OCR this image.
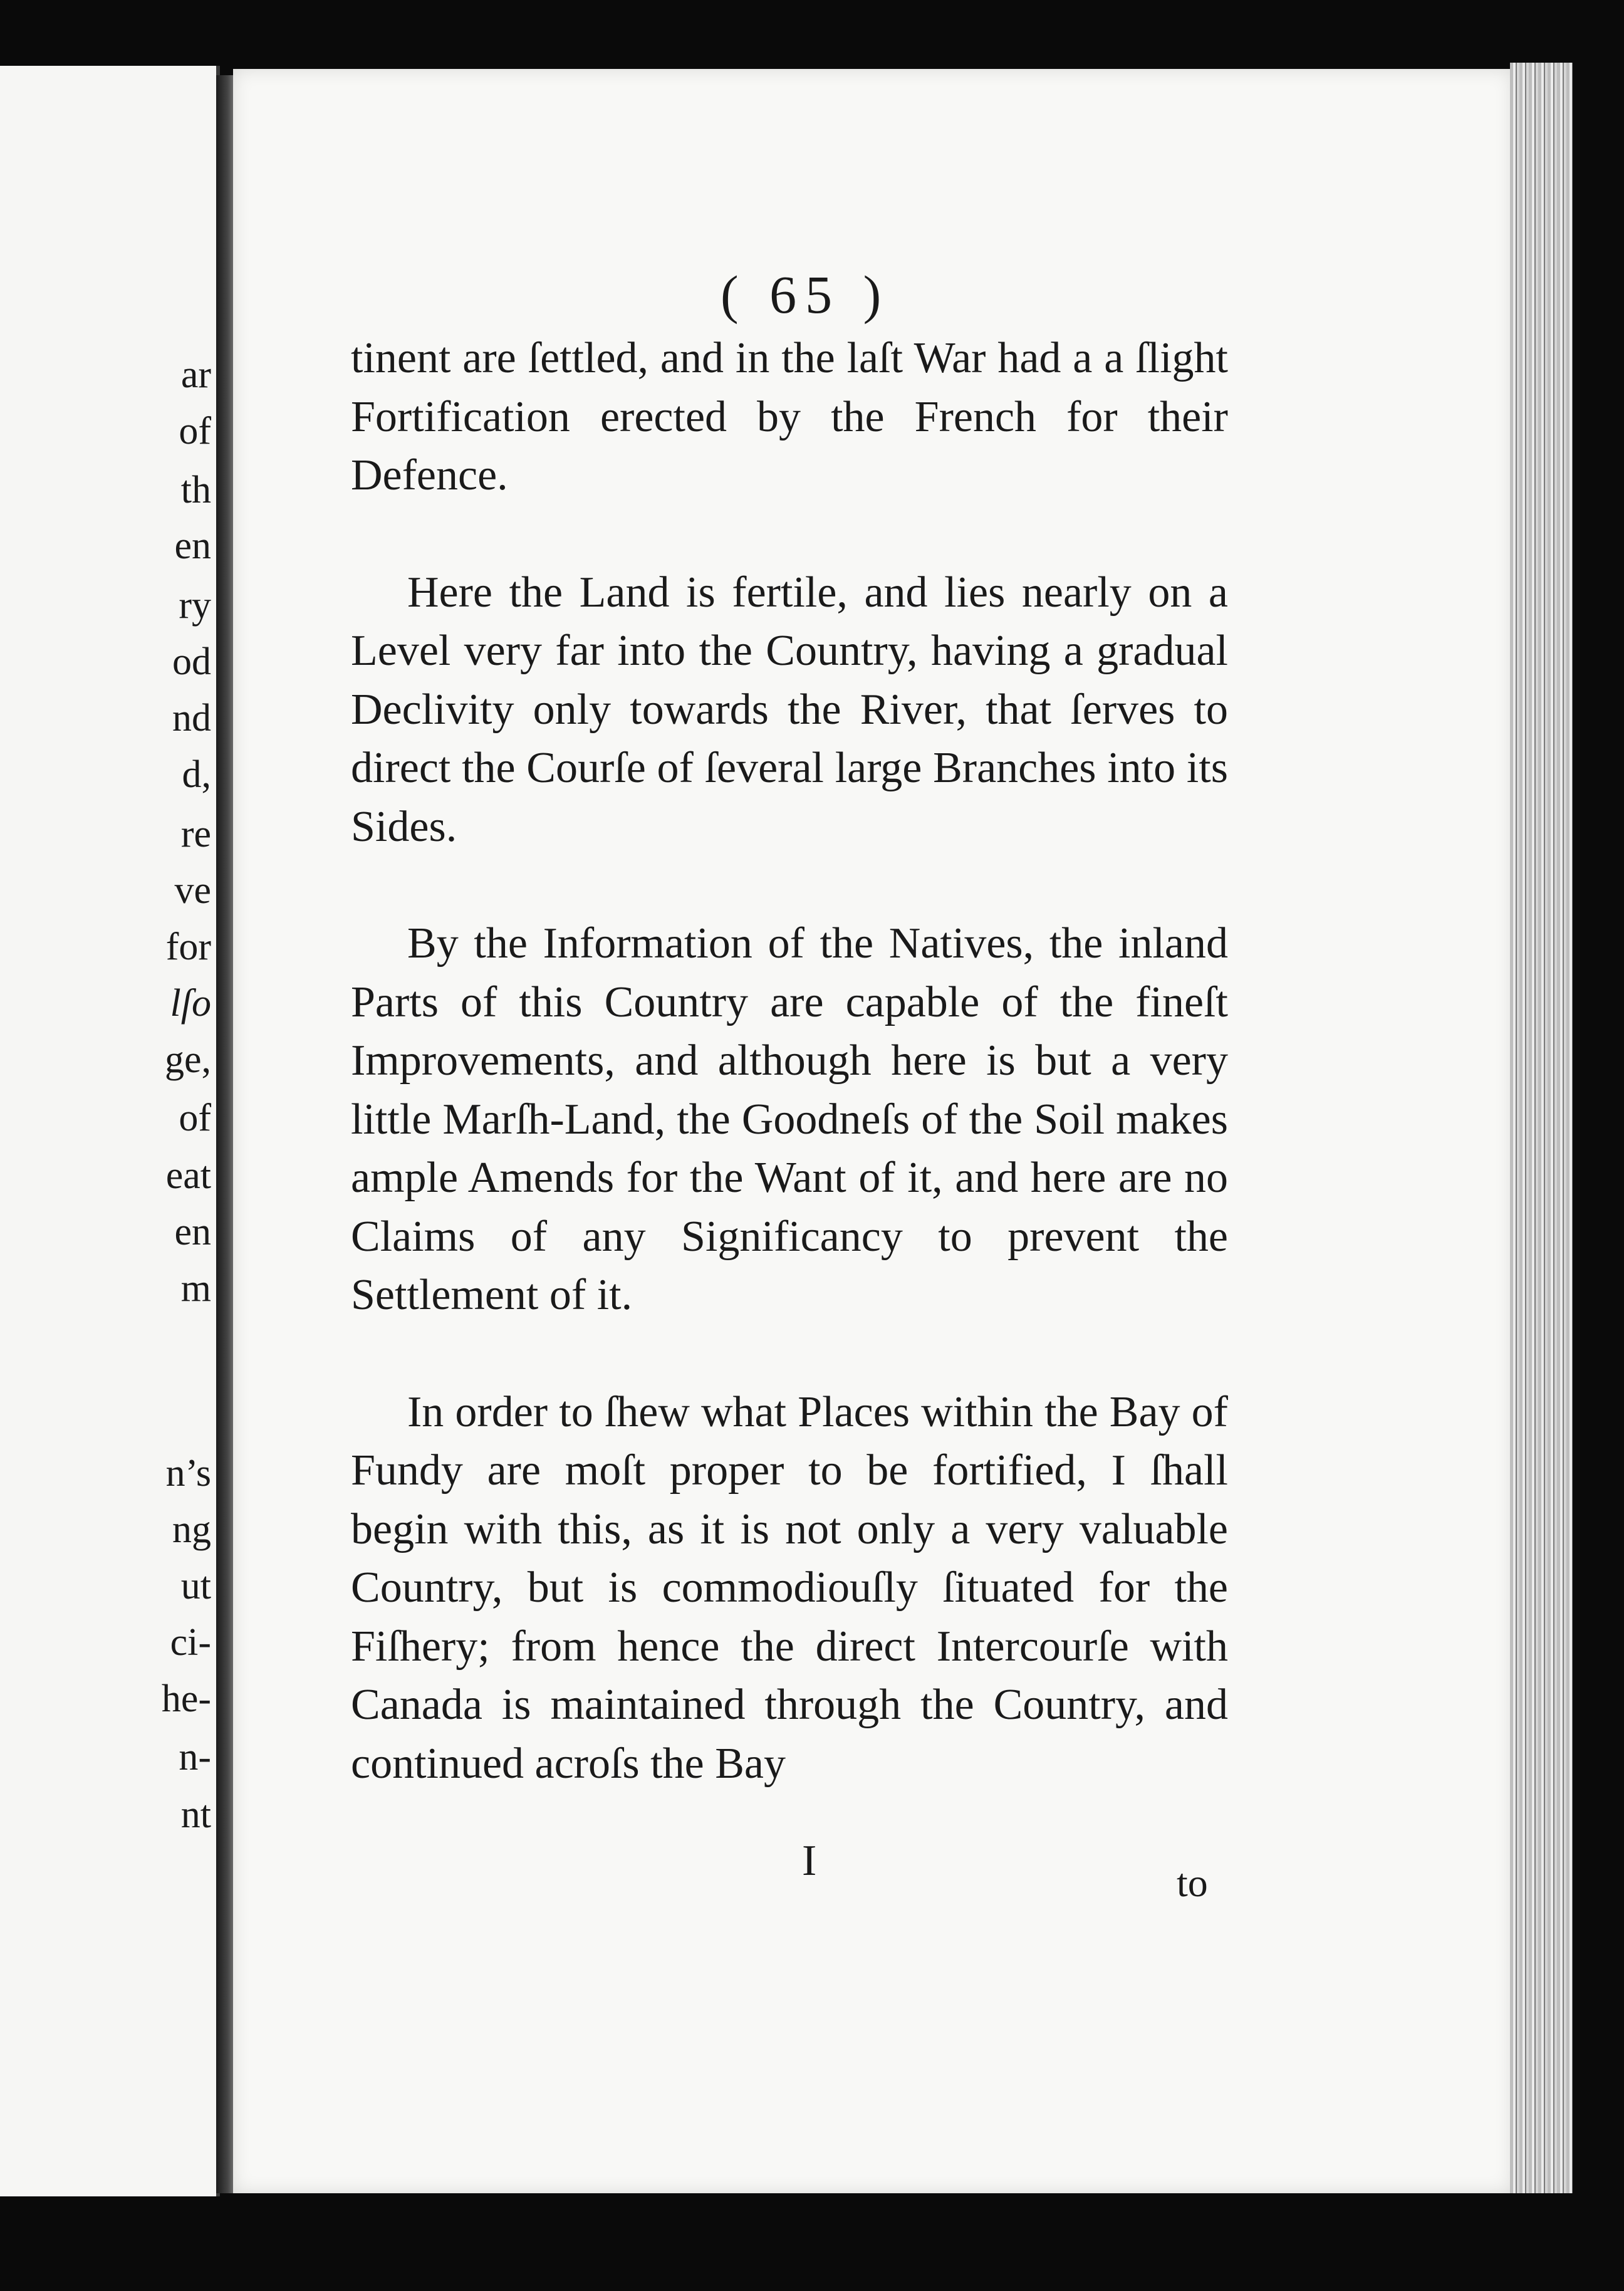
ar
of
th
en
ry
od
nd
d,
re
ve
for
lſo
ge,
of
eat
en
m
n’s
ng
ut
ci-
he-
n-
nt
( 65 )

tinent are ſettled, and in the laſt War had a a ſlight Fortification erected by the French for their Defence.

Here the Land is fertile, and lies nearly on a Level very far into the Country, having a gradual Declivity only towards the River, that ſerves to direct the Courſe of ſeveral large Branches into its Sides.

By the Information of the Natives, the inland Parts of this Country are capable of the fineſt Improvements, and although here is but a very little Marſh-Land, the Goodneſs of the Soil makes ample Amends for the Want of it, and here are no Claims of any Significancy to prevent the Settlement of it.

In order to ſhew what Places within the Bay of Fundy are moſt proper to be fortified, I ſhall begin with this, as it is not only a very valuable Country, but is commodiouſly ſituated for the Fiſhery; from hence the direct Intercourſe with Canada is maintained through the Country, and continued acroſs the Bay

I	to
